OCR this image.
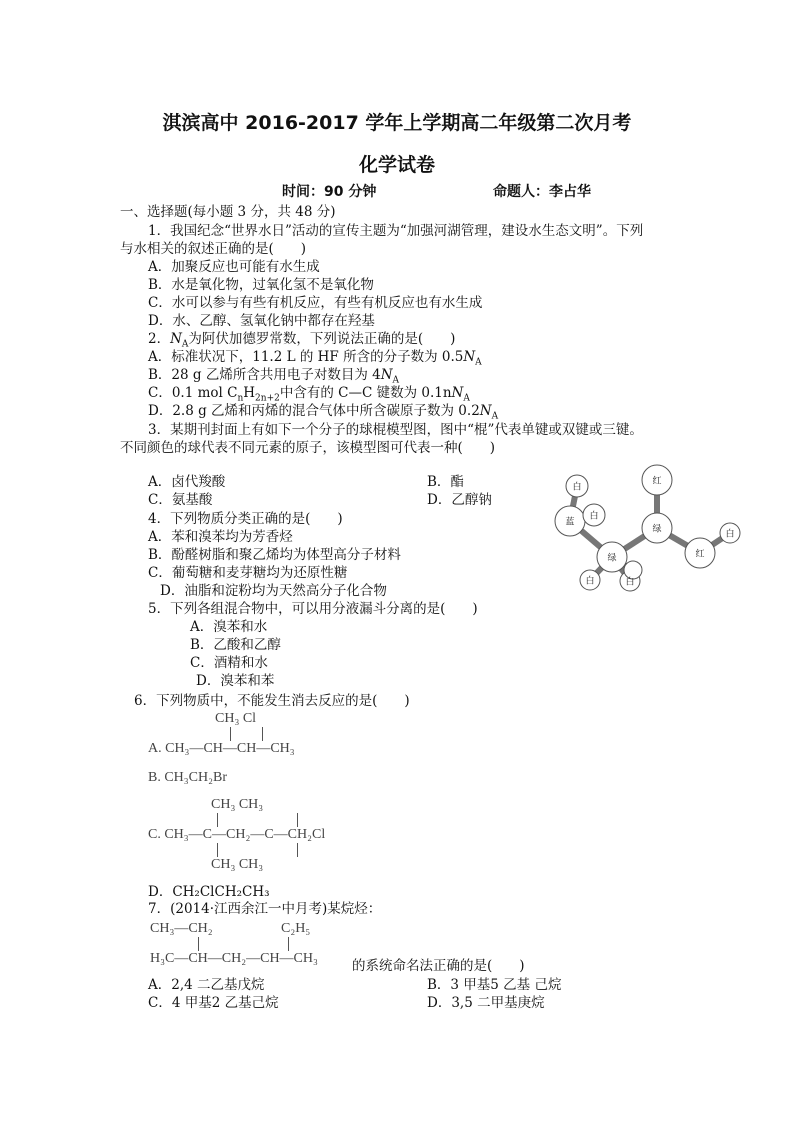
淇滨高中 2016-2017 学年上学期高二年级第二次月考
化学试卷
时间：90 分钟	命题人：李占华
一、选择题(每小题 3 分，共 48 分)
1．我国纪念“世界水日”活动的宣传主题为“加强河湖管理，建设水生态文明”。下列
与水相关的叙述正确的是(　　)
A．加聚反应也可能有水生成
B．水是氧化物，过氧化氢不是氧化物
C．水可以参与有些有机反应，有些有机反应也有水生成
D．水、乙醇、氢氧化钠中都存在羟基
2．$N_A$为阿伏加德罗常数，下列说法正确的是(　　)
A．标准状况下，11.2 L 的 HF 所含的分子数为 $0.5N_A$
B．28 g 乙烯所含共用电子对数目为 $4N_A$
C．0.1 mol $C_nH_{2n+2}$中含有的 C—C 键数为 $0.1nN_A$
D．2.8 g 乙烯和丙烯的混合气体中所含碳原子数为 $0.2N_A$
3．某期刊封面上有如下一个分子的球棍模型图，图中“棍”代表单键或双键或三键。
不同颜色的球代表不同元素的原子，该模型图可代表一种(　　)
A．卤代羧酸	B．酯
C．氨基酸	D．乙醇钠
蓝
白
白
绿
白	白
绿
红
红
白
4．下列物质分类正确的是(　　)
A．苯和溴苯均为芳香烃
B．酚醛树脂和聚乙烯均为体型高分子材料
C．葡萄糖和麦芽糖均为还原性糖
D．油脂和淀粉均为天然高分子化合物
5．下列各组混合物中，可以用分液漏斗分离的是(　　)
A．溴苯和水
B．乙酸和乙醇
C．酒精和水
D．溴苯和苯
6．下列物质中，不能发生消去反应的是(　　)
CH₃ Cl
A. CH₃—CH—CH—CH₃
B. CH₃CH₂Br
CH₃ CH₃
C. CH₃—C—CH₂—C—CH₂Cl
CH₃ CH₃
D．CH₂ClCH₂CH₃
7．(2014·江西余江一中月考)某烷烃：
CH₃—CH₂	C₂H₅
H₃C—CH—CH₂—CH—CH₃	的系统命名法正确的是(　　)
A．2,4 二乙基戊烷	B．3 甲基5 乙基 己烷
C．4 甲基2 乙基己烷	D．3,5 二甲基庚烷
